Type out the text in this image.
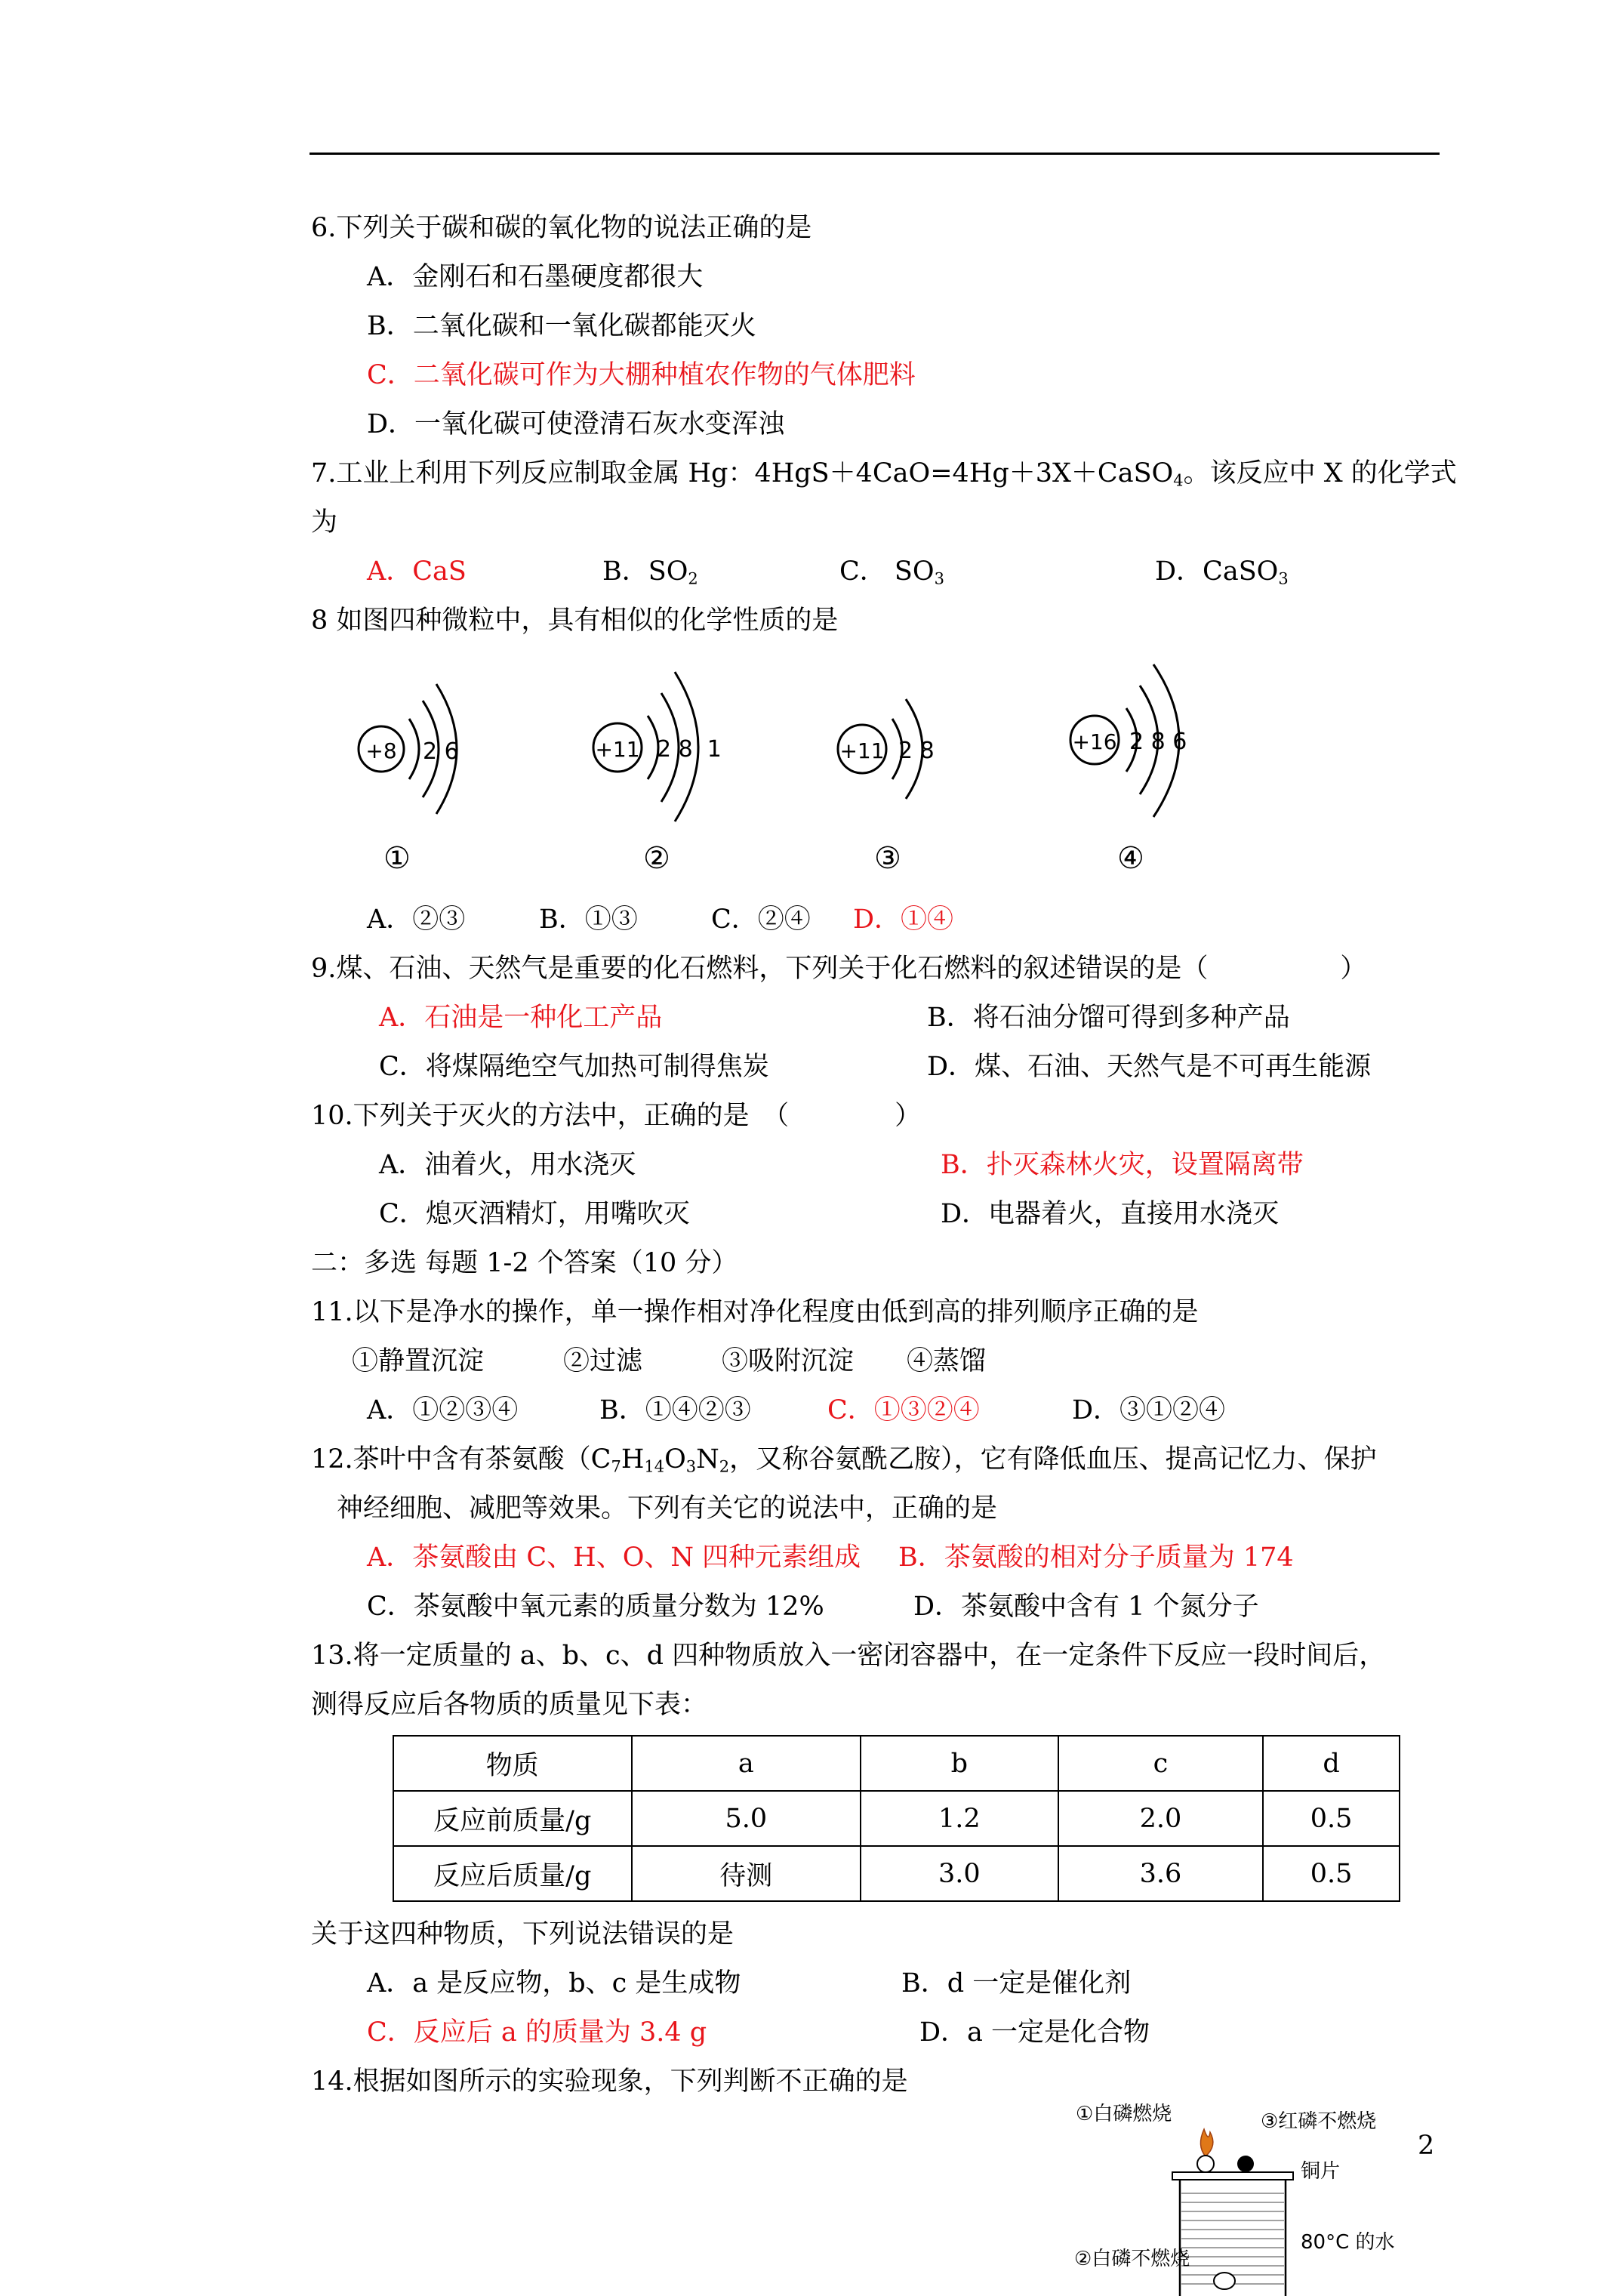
6.下列关于碳和碳的氧化物的说法正确的是
A．金刚石和石墨硬度都很大
B．二氧化碳和一氧化碳都能灭火
C．二氧化碳可作为大棚种植农作物的气体肥料
D．一氧化碳可使澄清石灰水变浑浊
7.工业上利用下列反应制取金属 Hg：4HgS＋4CaO=4Hg＋3X＋CaSO$_4$。该反应中 X 的化学式
为
A．CaS	B．$SO_2$	C． $SO_3$	D．CaSO$_3$
8 如图四种微粒中，具有相似的化学性质的是
+8 2 6	+11 2 8  1	+11 2 8	+16 2 8 6
①	②	③	④
A．②③	B．①③	C．②④ D．①④
9.煤、石油、天然气是重要的化石燃料，下列关于化石燃料的叙述错误的是（　　　　　）
A．石油是一种化工产品	B．将石油分馏可得到多种产品
C．将煤隔绝空气加热可制得焦炭	D．煤、石油、天然气是不可再生能源
10.下列关于灭火的方法中，正确的是　（　　　　）
A．油着火，用水浇灭	B．扑灭森林火灾，设置隔离带
C．熄灭酒精灯，用嘴吹灭	D．电器着火，直接用水浇灭
二：多选 每题 1-2 个答案（10 分）
11.以下是净水的操作，单一操作相对净化程度由低到高的排列顺序正确的是
①静置沉淀　　　②过滤　　　③吸附沉淀　　④蒸馏
A．①②③④	B．①④②③	C．①③②④	D．③①②④
12.茶叶中含有茶氨酸（$C_7H_{14}O_3N_2$，又称谷氨酰乙胺），它有降低血压、提高记忆力、保护
神经细胞、减肥等效果。下列有关它的说法中，正确的是
A．茶氨酸由 C、H、O、N 四种元素组成 B．茶氨酸的相对分子质量为 174
C．茶氨酸中氧元素的质量分数为 12%	D．茶氨酸中含有 1 个氮分子
13.将一定质量的 a、b、c、d 四种物质放入一密闭容器中，在一定条件下反应一段时间后，
测得反应后各物质的质量见下表：
物质	a	b	c	d
反应前质量/g	5.0	1.2	2.0	0.5
反应后质量/g	待测	3.0	3.6	0.5
关于这四种物质，下列说法错误的是
A．a 是反应物，b、c 是生成物	B．d 一定是催化剂
C．反应后 a 的质量为 3.4 g	D．a 一定是化合物
14.根据如图所示的实验现象，下列判断不正确的是
2
①白磷燃烧	③红磷不燃烧
铜片
②白磷不燃烧
80°C 的水
